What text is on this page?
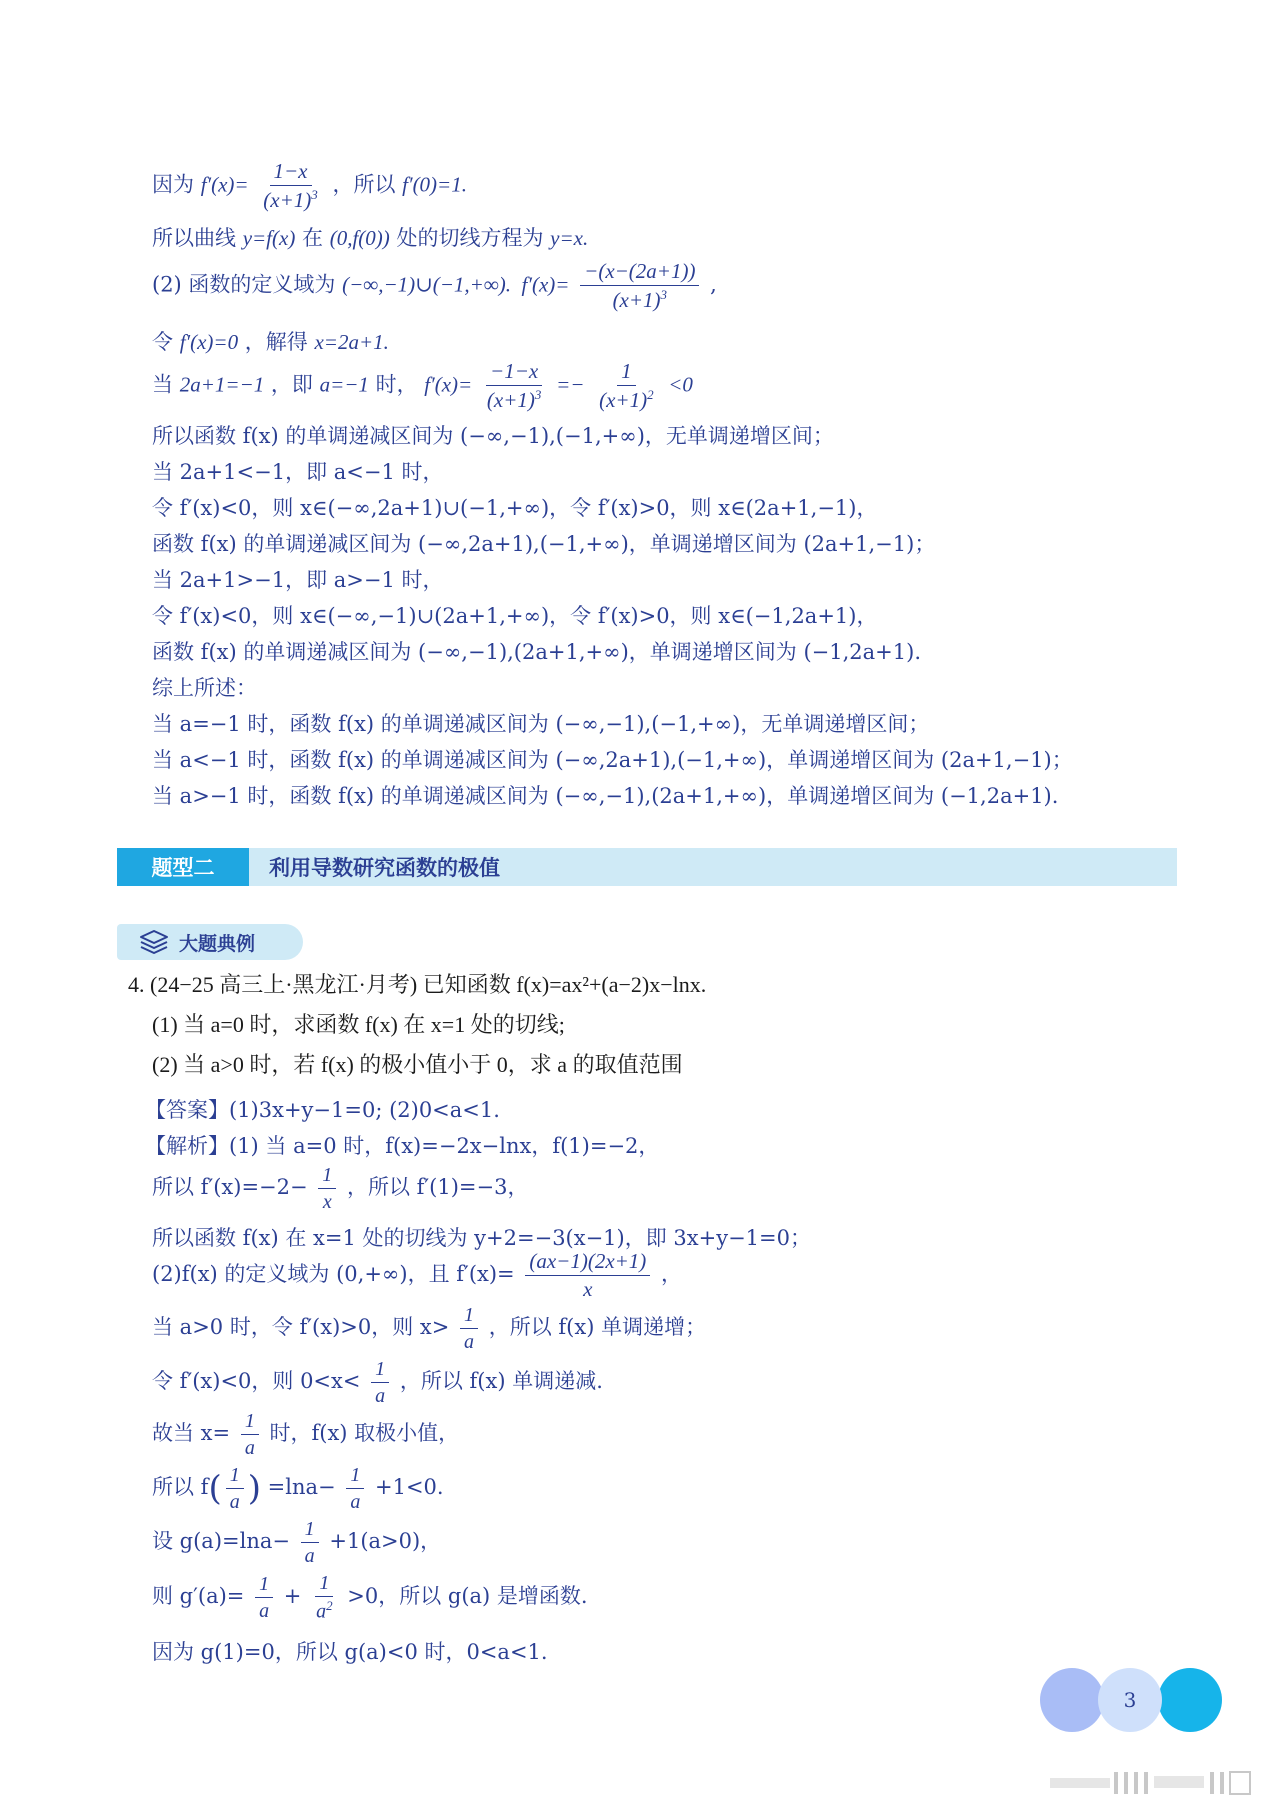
因为 $f'(x)= \frac{1-x}{(x+1)^3}$ ，所以 f′(0)=1.
所以曲线 y=f(x) 在 (0,f(0)) 处的切线方程为 y=x.
(2) 函数的定义域为 (−∞,−1)∪(−1,+∞).  $f'(x)= \frac{-(x-(2a+1))}{(x+1)^3}$ ,
令 f′(x)=0 ，解得 x=2a+1.
当 2a+1=−1 ，即 a=−1 时， $f'(x)= \frac{-1-x}{(x+1)^3} =- \frac{1}{(x+1)^2} <0$
所以函数 f(x) 的单调递减区间为 (−∞,−1),(−1,+∞)，无单调递增区间；
当 2a+1<−1，即 a<−1 时，
令 f′(x)<0，则 x∈(−∞,2a+1)∪(−1,+∞)，令 f′(x)>0，则 x∈(2a+1,−1)，
函数 f(x) 的单调递减区间为 (−∞,2a+1),(−1,+∞)，单调递增区间为 (2a+1,−1)；
当 2a+1>−1，即 a>−1 时，
令 f′(x)<0，则 x∈(−∞,−1)∪(2a+1,+∞)，令 f′(x)>0，则 x∈(−1,2a+1)，
函数 f(x) 的单调递减区间为 (−∞,−1),(2a+1,+∞)，单调递增区间为 (−1,2a+1).
综上所述：
当 a=−1 时，函数 f(x) 的单调递减区间为 (−∞,−1),(−1,+∞)，无单调递增区间；
当 a<−1 时，函数 f(x) 的单调递减区间为 (−∞,2a+1),(−1,+∞)，单调递增区间为 (2a+1,−1)；
当 a>−1 时，函数 f(x) 的单调递减区间为 (−∞,−1),(2a+1,+∞)，单调递增区间为 (−1,2a+1).
题型二	利用导数研究函数的极值
大题典例
4. (24−25 高三上·黑龙江·月考) 已知函数 f(x)=ax²+(a−2)x−lnx.
(1) 当 a=0 时，求函数 f(x) 在 x=1 处的切线;
(2) 当 a>0 时，若 f(x) 的极小值小于 0，求 a 的取值范围
【答案】(1)3x+y−1=0; (2)0<a<1.
【解析】(1) 当 a=0 时，f(x)=−2x−lnx，f(1)=−2，
所以 $f'(x)=-2- \frac{1}{x}$ ，所以 f′(1)=−3，
所以函数 f(x) 在 x=1 处的切线为 y+2=−3(x−1)，即 3x+y−1=0；
(2)f(x) 的定义域为 (0,+∞)，且 $f'(x)= \frac{(ax-1)(2x+1)}{x}$ ，
当 a>0 时，令 f′(x)>0，则 $x> \frac{1}{a}$ ，所以 f(x) 单调递增；
令 f′(x)<0，则 $0<x< \frac{1}{a}$ ，所以 f(x) 单调递减.
故当 $x= \frac{1}{a}$ 时，f(x) 取极小值，
所以 $f( \frac{1}{a}$ ) $=\ln a- \frac{1}{a} +1<0$.
设 $g(a)=\ln a- \frac{1}{a} +1(a>0)$，
则 $g'(a)= \frac{1}{a} + \frac{1}{a^2} >0$，所以 g(a) 是增函数.
因为 g(1)=0，所以 g(a)<0 时，0<a<1.
3
